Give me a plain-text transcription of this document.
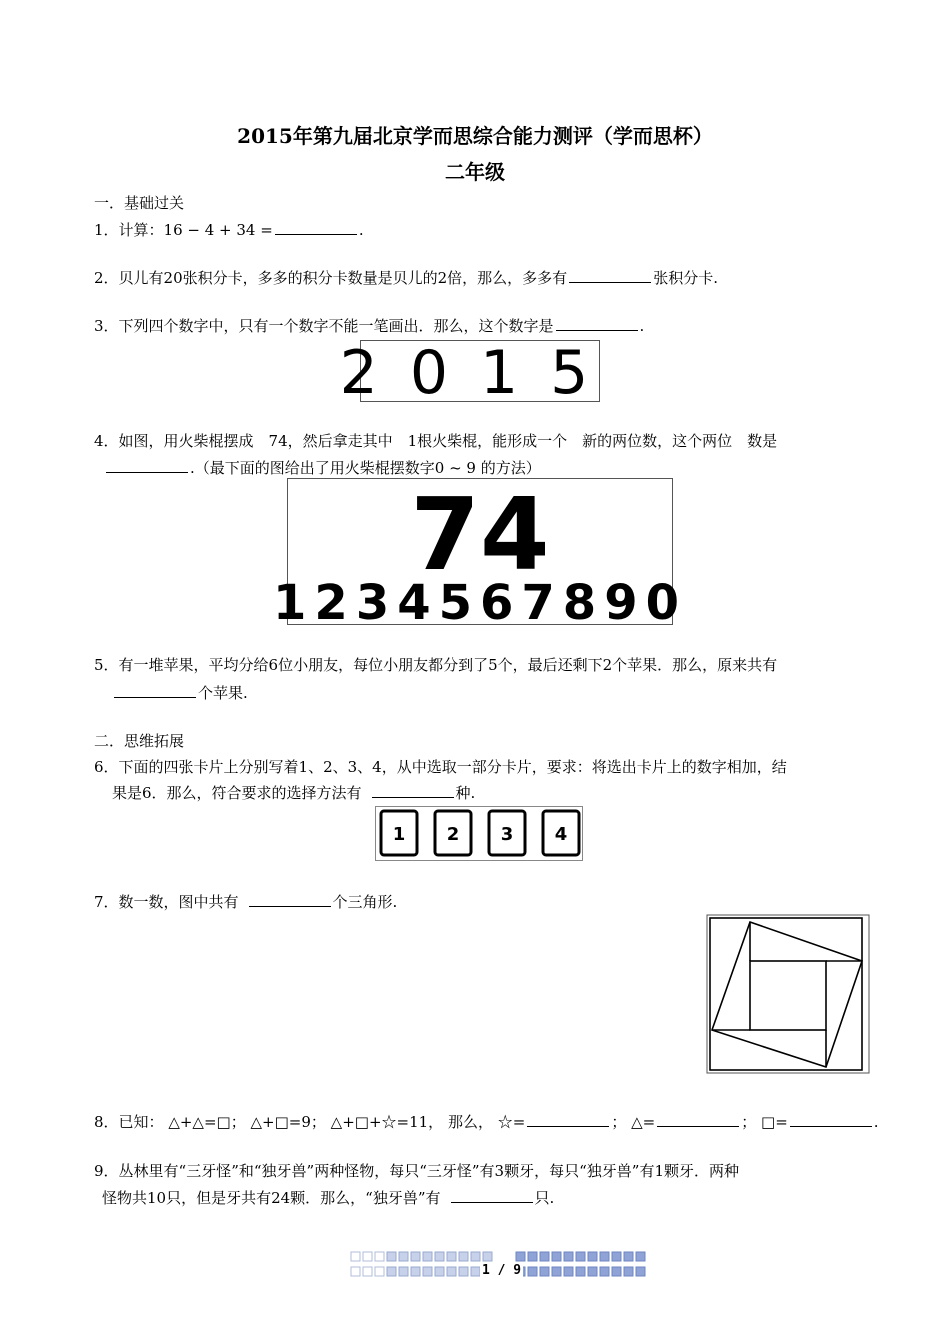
2015年第九届北京学而思综合能力测评（学而思杯）
二年级
一．基础过关
1．计算：16 − 4 + 34 =	.
2．贝儿有20张积分卡，多多的积分卡数量是贝儿的2倍，那么，多多有	张积分卡.
3．下列四个数字中，只有一个数字不能一笔画出．那么，这个数字是	.
2015
4．如图，用火柴棍摆成　74，然后拿走其中　1根火柴棍，能形成一个　新的两位数，这个两位　数是
.（最下面的图给出了用火柴棍摆数字0 ~ 9 的方法）
74
1234567890
5．有一堆苹果，平均分给6位小朋友，每位小朋友都分到了5个，最后还剩下2个苹果．那么，原来共有
个苹果.
二．思维拓展
6．下面的四张卡片上分别写着1、2、3、4，从中选取一部分卡片，要求：将选出卡片上的数字相加，结
果是6．那么，符合要求的选择方法有	种.
1 2 3 4
7．数一数，图中共有	个三角形.
8．已知： △+△=□； △+□=9； △+□+☆=11， 那么， ☆=	； △=	； □=	.
9．丛林里有“三牙怪”和“独牙兽”两种怪物，每只“三牙怪”有3颗牙，每只“独牙兽”有1颗牙．两种
怪物共10只，但是牙共有24颗．那么，“独牙兽”有	只.
1 / 9
